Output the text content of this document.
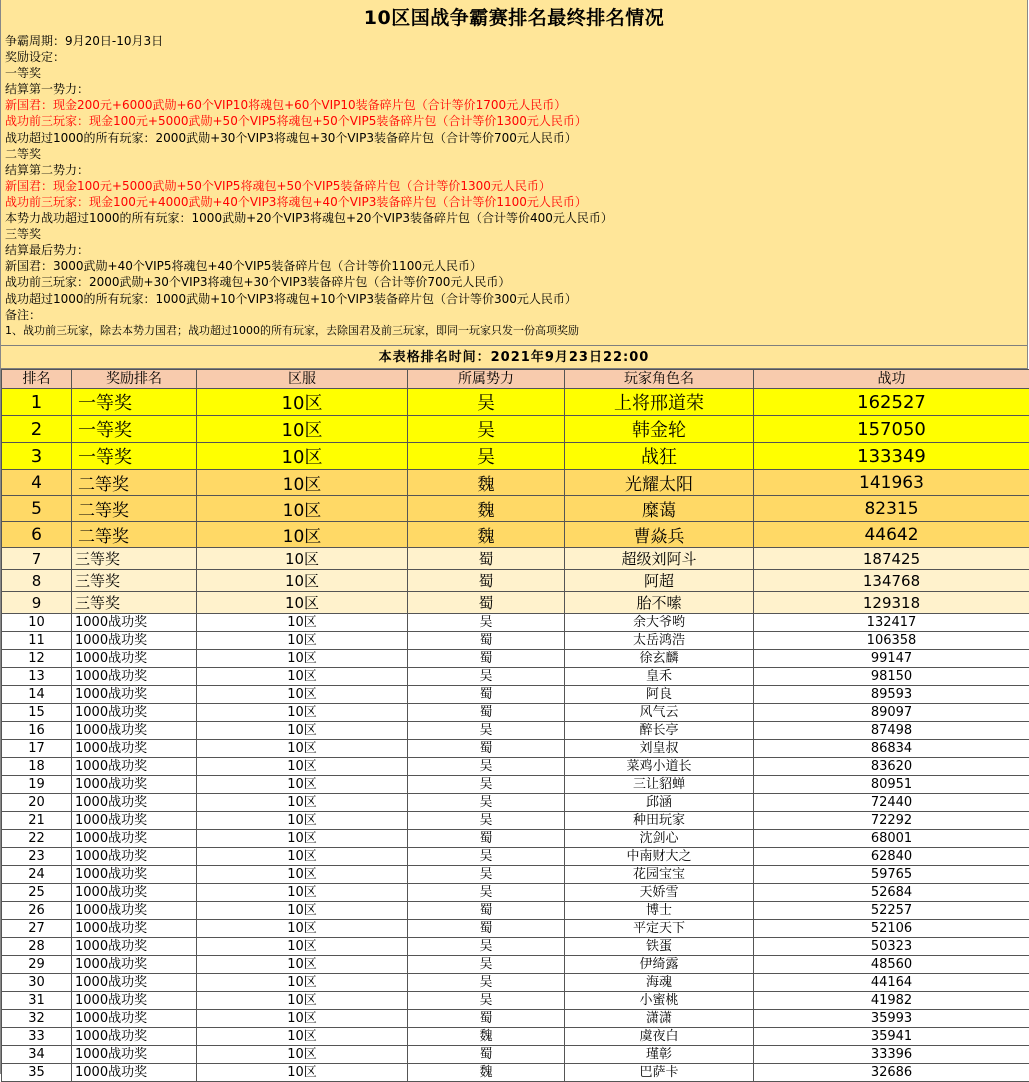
10区国战争霸赛排名最终排名情况
争霸周期：9月20日-10月3日
奖励设定：
一等奖
结算第一势力：
新国君：现金200元+6000武勋+60个VIP10将魂包+60个VIP10装备碎片包（合计等价1700元人民币）
战功前三玩家：现金100元+5000武勋+50个VIP5将魂包+50个VIP5装备碎片包（合计等价1300元人民币）
战功超过1000的所有玩家：2000武勋+30个VIP3将魂包+30个VIP3装备碎片包（合计等价700元人民币）
二等奖
结算第二势力：
新国君：现金100元+5000武勋+50个VIP5将魂包+50个VIP5装备碎片包（合计等价1300元人民币）
战功前三玩家：现金100元+4000武勋+40个VIP3将魂包+40个VIP3装备碎片包（合计等价1100元人民币）
本势力战功超过1000的所有玩家：1000武勋+20个VIP3将魂包+20个VIP3装备碎片包（合计等价400元人民币）
三等奖
结算最后势力：
新国君：3000武勋+40个VIP5将魂包+40个VIP5装备碎片包（合计等价1100元人民币）
战功前三玩家：2000武勋+30个VIP3将魂包+30个VIP3装备碎片包（合计等价700元人民币）
战功超过1000的所有玩家：1000武勋+10个VIP3将魂包+10个VIP3装备碎片包（合计等价300元人民币）
备注：
1、战功前三玩家，除去本势力国君；战功超过1000的所有玩家，去除国君及前三玩家，即同一玩家只发一份高项奖励
本表格排名时间：2021年9月23日22:00
排名	奖励排名	区服	所属势力	玩家角色名	战功
1	一等奖	10区	吴	上将邢道荣	162527
2	一等奖	10区	吴	韩金轮	157050
3	一等奖	10区	吴	战狂	133349
4	二等奖	10区	魏	光耀太阳	141963
5	二等奖	10区	魏	糜蔼	82315
6	二等奖	10区	魏	曹焱兵	44642
7	三等奖	10区	蜀	超级刘阿斗	187425
8	三等奖	10区	蜀	阿超	134768
9	三等奖	10区	蜀	胎不嗦	129318
10	1000战功奖	10区	吴	余大爷哟	132417
11	1000战功奖	10区	蜀	太岳鸿浩	106358
12	1000战功奖	10区	蜀	徐玄麟	99147
13	1000战功奖	10区	吴	皇禾	98150
14	1000战功奖	10区	蜀	阿良	89593
15	1000战功奖	10区	蜀	风气云	89097
16	1000战功奖	10区	吴	醉长亭	87498
17	1000战功奖	10区	蜀	刘皇叔	86834
18	1000战功奖	10区	吴	菜鸡小道长	83620
19	1000战功奖	10区	吴	三让貂蝉	80951
20	1000战功奖	10区	吴	邱涵	72440
21	1000战功奖	10区	吴	种田玩家	72292
22	1000战功奖	10区	蜀	沈剑心	68001
23	1000战功奖	10区	吴	中南财大之	62840
24	1000战功奖	10区	吴	花园宝宝	59765
25	1000战功奖	10区	吴	天娇雪	52684
26	1000战功奖	10区	蜀	博士	52257
27	1000战功奖	10区	蜀	平定天下	52106
28	1000战功奖	10区	吴	铁蛋	50323
29	1000战功奖	10区	吴	伊绮露	48560
30	1000战功奖	10区	吴	海魂	44164
31	1000战功奖	10区	吴	小蜜桃	41982
32	1000战功奖	10区	蜀	潇潇	35993
33	1000战功奖	10区	魏	虞夜白	35941
34	1000战功奖	10区	蜀	瑾彰	33396
35	1000战功奖	10区	魏	巴萨卡	32686
